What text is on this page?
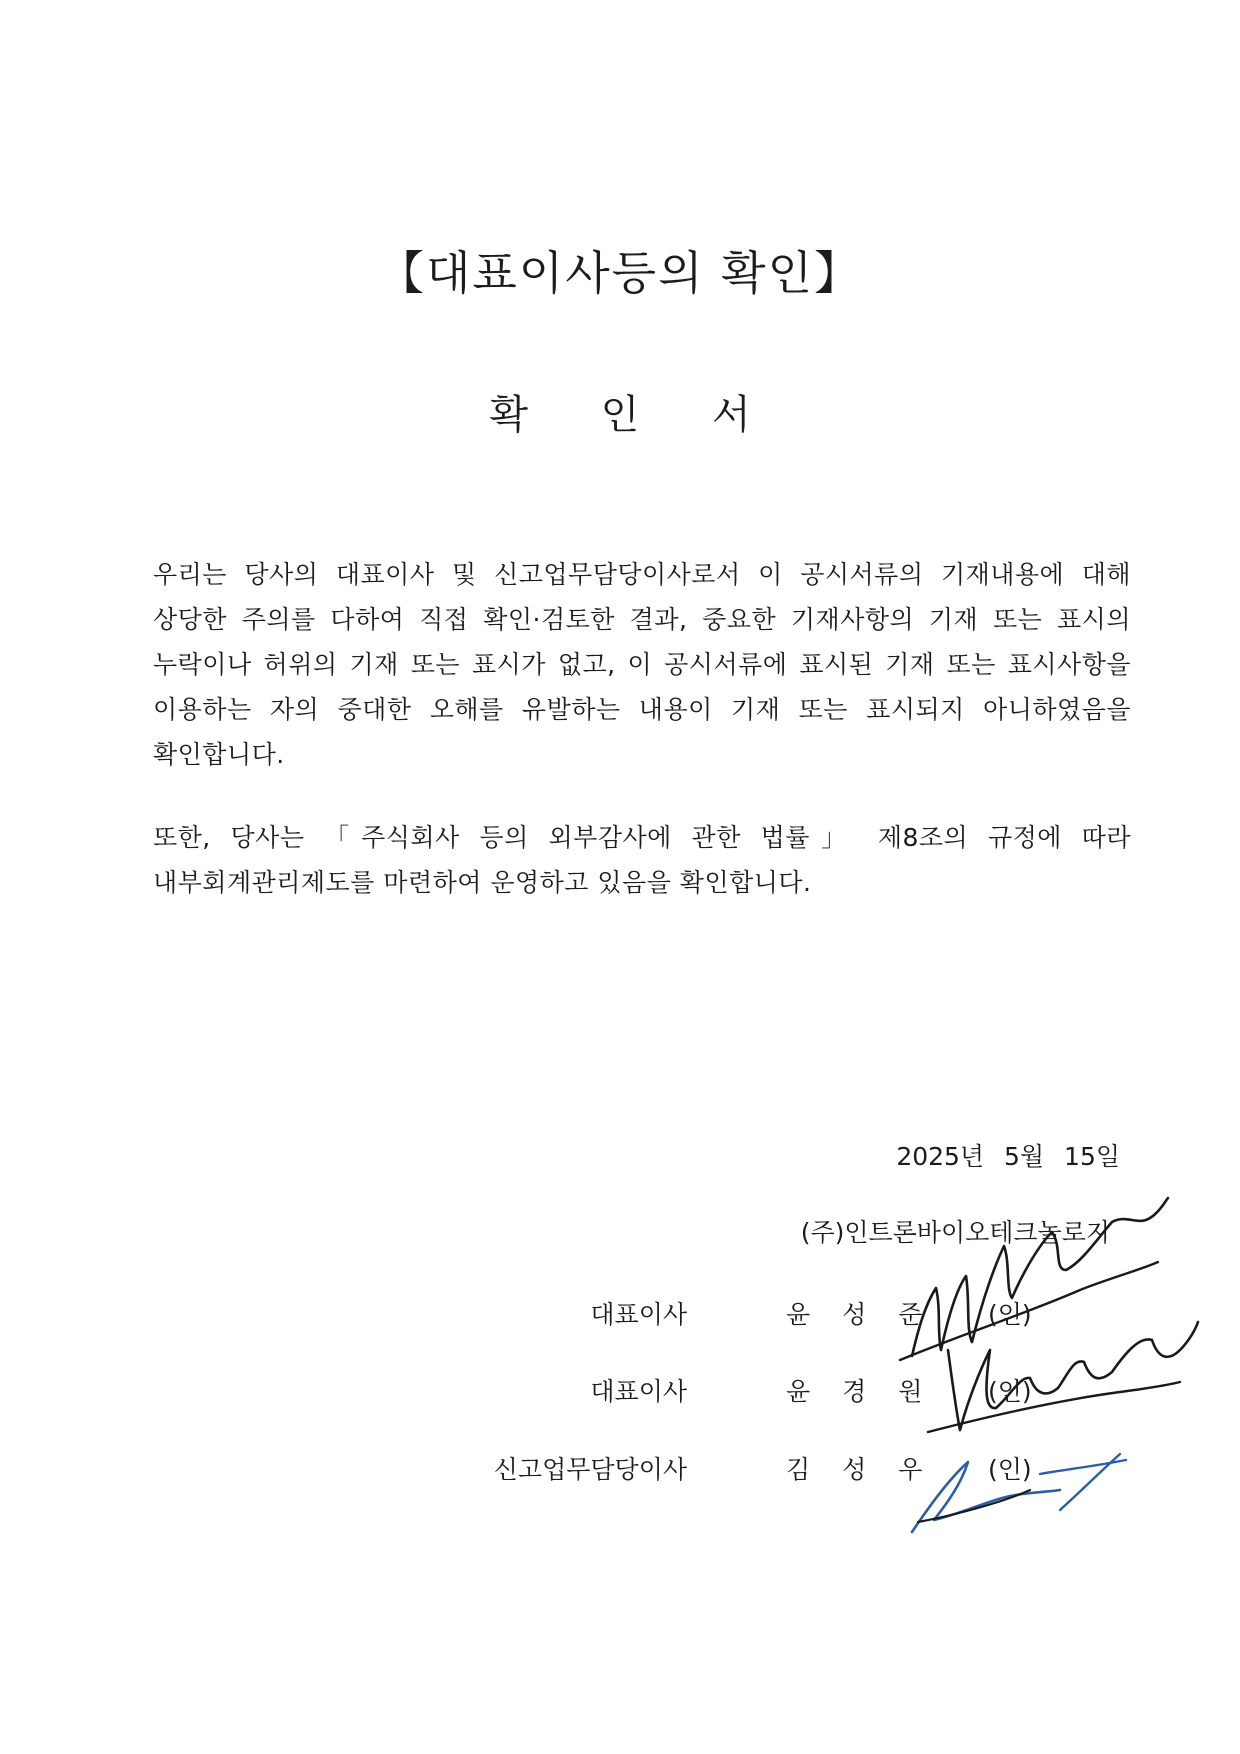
【대표이사등의 확인】
확 인 서

우리는 당사의 대표이사 및 신고업무담당이사로서 이 공시서류의 기재내용에 대해 상당한 주의를 다하여 직접 확인·검토한 결과, 중요한 기재사항의 기재 또는 표시의 누락이나 허위의 기재 또는 표시가 없고, 이 공시서류에 표시된 기재 또는 표시사항을 이용하는 자의 중대한 오해를 유발하는 내용이 기재 또는 표시되지 아니하였음을 확인합니다.

또한, 당사는 「주식회사 등의 외부감사에 관한 법률」 제8조의 규정에 따라 내부회계관리제도를 마련하여 운영하고 있음을 확인합니다.

2025년 5월 15일
(주)인트론바이오테크놀로지
대표이사	윤 성 준 (인)
대표이사	윤 경 원 (인)
신고업무담당이사	김 성 우 (인)
